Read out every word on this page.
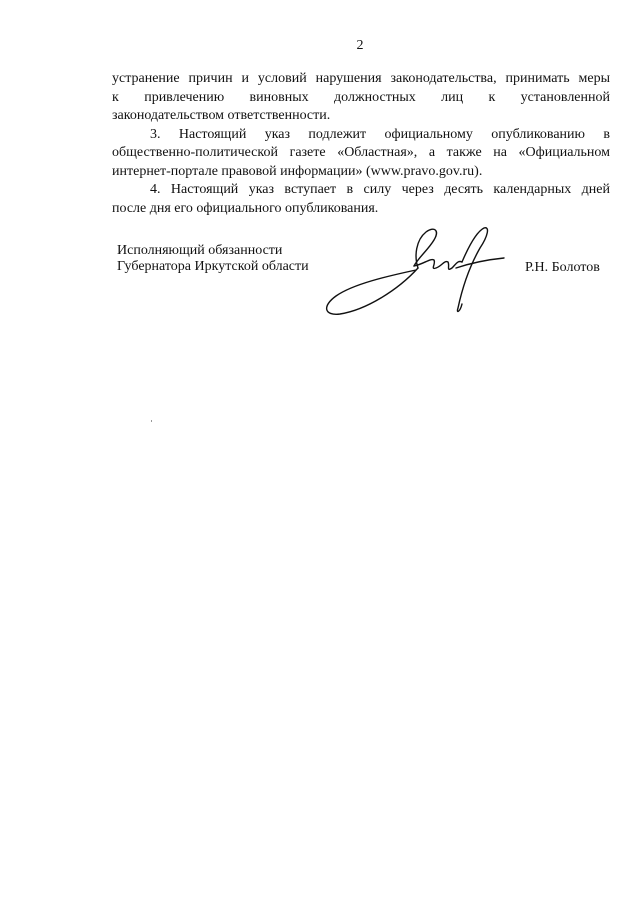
2

устранение причин и условий нарушения законодательства, принимать меры
к привлечению виновных должностных лиц к установленной
законодательством ответственности.

3. Настоящий указ подлежит официальному опубликованию в
общественно-политической газете «Областная», а также на «Официальном
интернет-портале правовой информации» (www.pravo.gov.ru).

4. Настоящий указ вступает в силу через десять календарных дней
после дня его официального опубликования.

Исполняющий обязанности
Губернатора Иркутской области	Р.Н. Болотов
